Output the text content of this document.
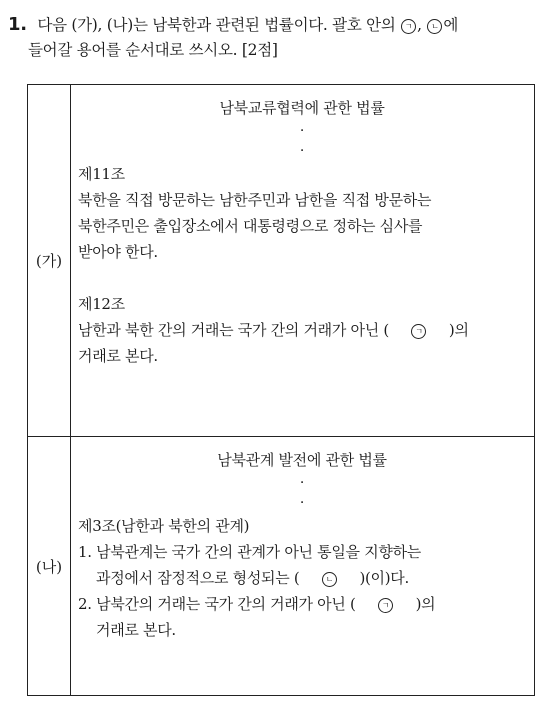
1. 다음 (가), (나)는 남북한과 관련된 법률이다. 괄호 안의 ㄱ , ㄴ 에
들어갈 용어를 순서대로 쓰시오. [2점]
(가)
남북교류협력에 관한 법률
·
·
제11조
북한을 직접 방문하는 남한주민과 남한을 직접 방문하는
북한주민은 출입장소에서 대통령령으로 정하는 심사를
받아야 한다.
제12조
남한과 북한 간의 거래는 국가 간의 거래가 아닌 (	ㄱ )의
거래로 본다.
(나)
남북관계 발전에 관한 법률
·
·
제3조(남한과 북한의 관계)
1. 남북관계는 국가 간의 관계가 아닌 통일을 지향하는
과정에서 잠정적으로 형성되는 (	ㄴ )(이)다.
2. 남북간의 거래는 국가 간의 거래가 아닌 (	ㄱ )의
거래로 본다.
